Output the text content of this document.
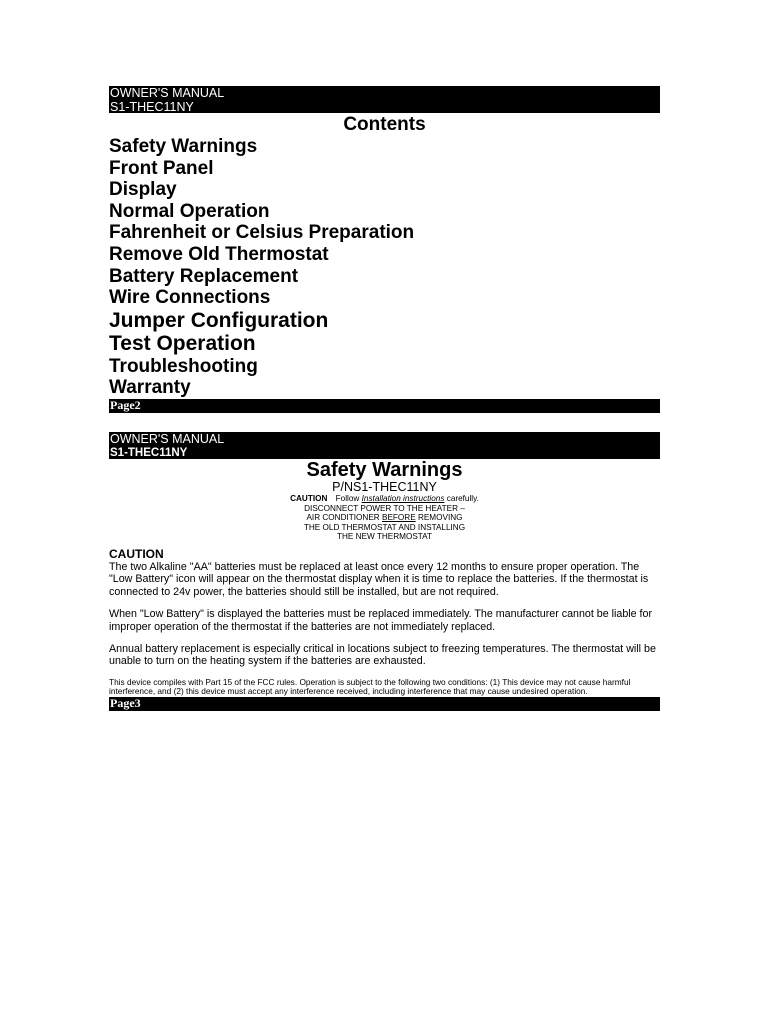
OWNER'S MANUAL
S1-THEC11NY
Contents
Safety Warnings
Front Panel
Display
Normal Operation
Fahrenheit or Celsius Preparation
Remove Old Thermostat
Battery Replacement
Wire Connections
Jumper Configuration
Test Operation
Troubleshooting
Warranty
Page2
OWNER'S MANUAL
S1-THEC11NY
Safety Warnings
P/NS1-THEC11NY
CAUTION Follow Installation instructions carefully.
DISCONNECT POWER TO THE HEATER –
AIR CONDITIONER BEFORE REMOVING
THE OLD THERMOSTAT AND INSTALLING
THE NEW THERMOSTAT
CAUTION

The two Alkaline "AA" batteries must be replaced at least once every 12 months to ensure proper operation. The "Low Battery" icon will appear on the thermostat display when it is time to replace the batteries. If the thermostat is connected to 24v power, the batteries should still be installed, but are not required.

When "Low Battery" is displayed the batteries must be replaced immediately. The manufacturer cannot be liable for improper operation of the thermostat if the batteries are not immediately replaced.

Annual battery replacement is especially critical in locations subject to freezing temperatures. The thermostat will be unable to turn on the heating system if the batteries are exhausted.

This device compiles with Part 15 of the FCC rules. Operation is subject to the following two conditions: (1) This device may not cause harmful interference, and (2) this device must accept any interference received, including interference that may cause undesired operation.
Page3
